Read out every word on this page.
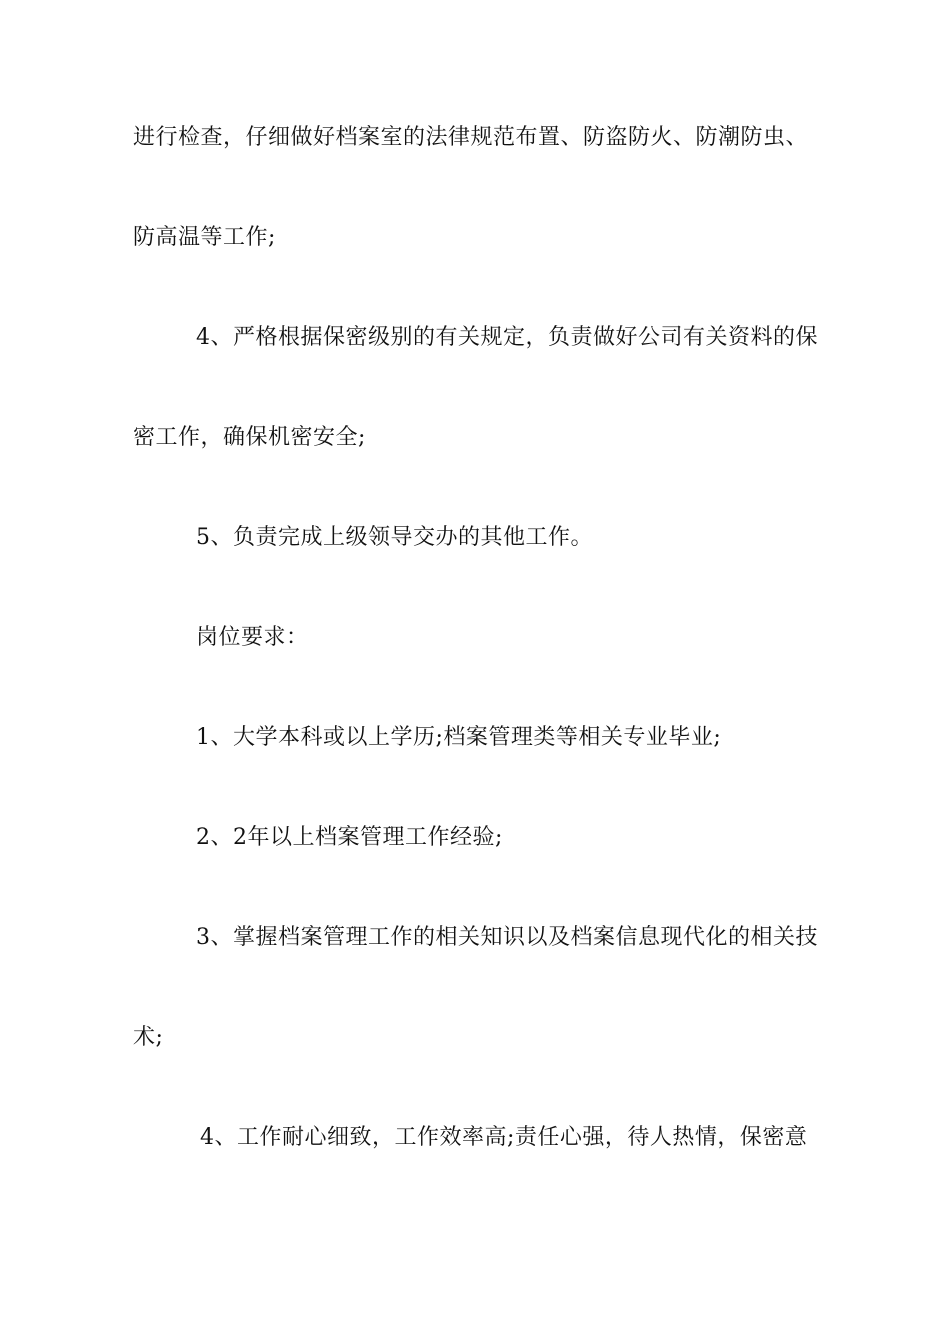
进行检查，仔细做好档案室的法律规范布置、防盗防火、防潮防虫、
防高温等工作;
4、严格根据保密级别的有关规定，负责做好公司有关资料的保
密工作，确保机密安全;
5、负责完成上级领导交办的其他工作。
岗位要求：
1、大学本科或以上学历;档案管理类等相关专业毕业;
2、2年以上档案管理工作经验;
3、掌握档案管理工作的相关知识以及档案信息现代化的相关技
术;
4、工作耐心细致，工作效率高;责任心强，待人热情，保密意
